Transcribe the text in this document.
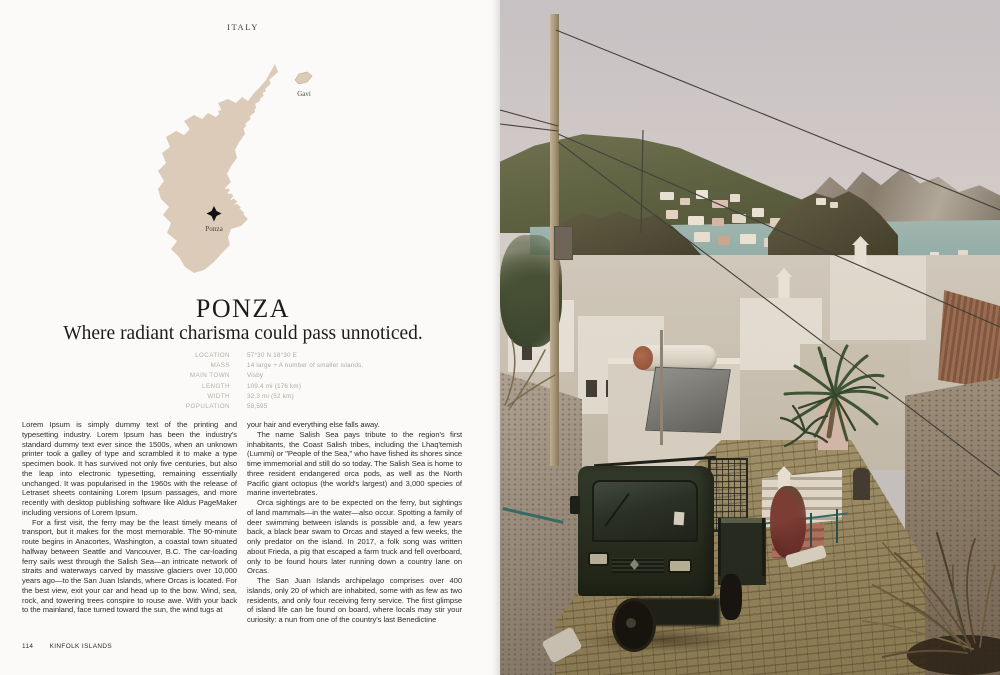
ITALY
Gavi
Ponza
PONZA
Where radiant charisma could pass unnoticed.
LOCATION	57°30 N 18°30 E
MASS	14 large + A number of smaller islands.
MAIN TOWN	Visby
LENGTH	109.4 mi (176 km)
WIDTH	32.3 mi (52 km)
POPULATION	58,595

Lorem Ipsum is simply dummy text of the printing and typesetting industry. Lorem Ipsum has been the industry's standard dummy text ever since the 1500s, when an unknown printer took a galley of type and scrambled it to make a type specimen book. It has survived not only five centuries, but also the leap into electronic typesetting, remaining essentially unchanged. It was popularised in the 1960s with the release of Letraset sheets containing Lorem Ipsum passages, and more recently with desktop publishing software like Aldus PageMaker including versions of Lorem Ipsum.

For a first visit, the ferry may be the least timely means of transport, but it makes for the most memorable. The 90-minute route begins in Anacortes, Washington, a coastal town situated halfway between Seattle and Vancouver, B.C. The car-loading ferry sails west through the Salish Sea—an intricate network of straits and waterways carved by massive glaciers over 10,000 years ago—to the San Juan Islands, where Orcas is located. For the best view, exit your car and head up to the bow. Wind, sea, rock, and towering trees conspire to rouse awe. With your back to the mainland, face turned toward the sun, the wind tugs at

your hair and everything else falls away.

The name Salish Sea pays tribute to the region's first inhabitants, the Coast Salish tribes, including the Lhaq'temish (Lummi) or "People of the Sea," who have fished its shores since time immemorial and still do so today. The Salish Sea is home to three resident endangered orca pods, as well as the North Pacific giant octopus (the world's largest) and 3,000 species of marine invertebrates.

Orca sightings are to be expected on the ferry, but sightings of land mammals—in the water—also occur. Spotting a family of deer swimming between islands is possible and, a few years back, a black bear swam to Orcas and stayed a few weeks, the only predator on the island. In 2017, a folk song was written about Frieda, a pig that escaped a farm truck and fell overboard, only to be found hours later running down a country lane on Orcas.

The San Juan Islands archipelago comprises over 400 islands, only 20 of which are inhabited, some with as few as two residents, and only four receiving ferry service. The first glimpse of island life can be found on board, where locals may stir your curiosity: a nun from one of the country's last Benedictine

114	KINFOLK ISLANDS
